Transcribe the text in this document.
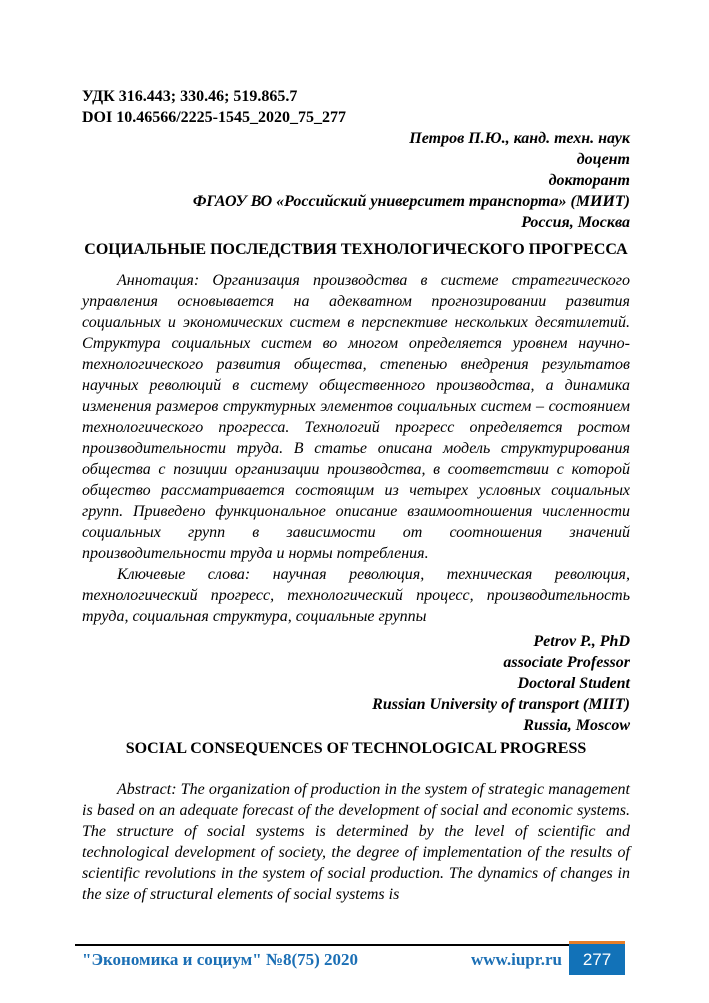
УДК 316.443; 330.46; 519.865.7
DOI 10.46566/2225-1545_2020_75_277
Петров П.Ю., канд. техн. наук
доцент
докторант
ФГАОУ ВО «Российский университет транспорта» (МИИТ)
Россия, Москва
СОЦИАЛЬНЫЕ ПОСЛЕДСТВИЯ ТЕХНОЛОГИЧЕСКОГО ПРОГРЕССА

Аннотация: Организация производства в системе стратегического управления основывается на адекватном прогнозировании развития социальных и экономических систем в перспективе нескольких десятилетий. Структура социальных систем во многом определяется уровнем научно-технологического развития общества, степенью внедрения результатов научных революций в систему общественного производства, а динамика изменения размеров структурных элементов социальных систем – состоянием технологического прогресса. Технологий прогресс определяется ростом производительности труда. В статье описана модель структурирования общества с позиции организации производства, в соответствии с которой общество рассматривается состоящим из четырех условных социальных групп. Приведено функциональное описание взаимоотношения численности социальных групп в зависимости от соотношения значений производительности труда и нормы потребления.

Ключевые слова: научная революция, техническая революция, технологический прогресс, технологический процесс, производительность труда, социальная структура, социальные группы

Petrov P., PhD
associate Professor
Doctoral Student
Russian University of transport (MIIT)
Russia, Moscow
SOCIAL CONSEQUENCES OF TECHNOLOGICAL PROGRESS

Abstract: The organization of production in the system of strategic management is based on an adequate forecast of the development of social and economic systems. The structure of social systems is determined by the level of scientific and technological development of society, the degree of implementation of the results of scientific revolutions in the system of social production. The dynamics of changes in the size of structural elements of social systems is

"Экономика и социум" №8(75) 2020	www.iupr.ru 277
